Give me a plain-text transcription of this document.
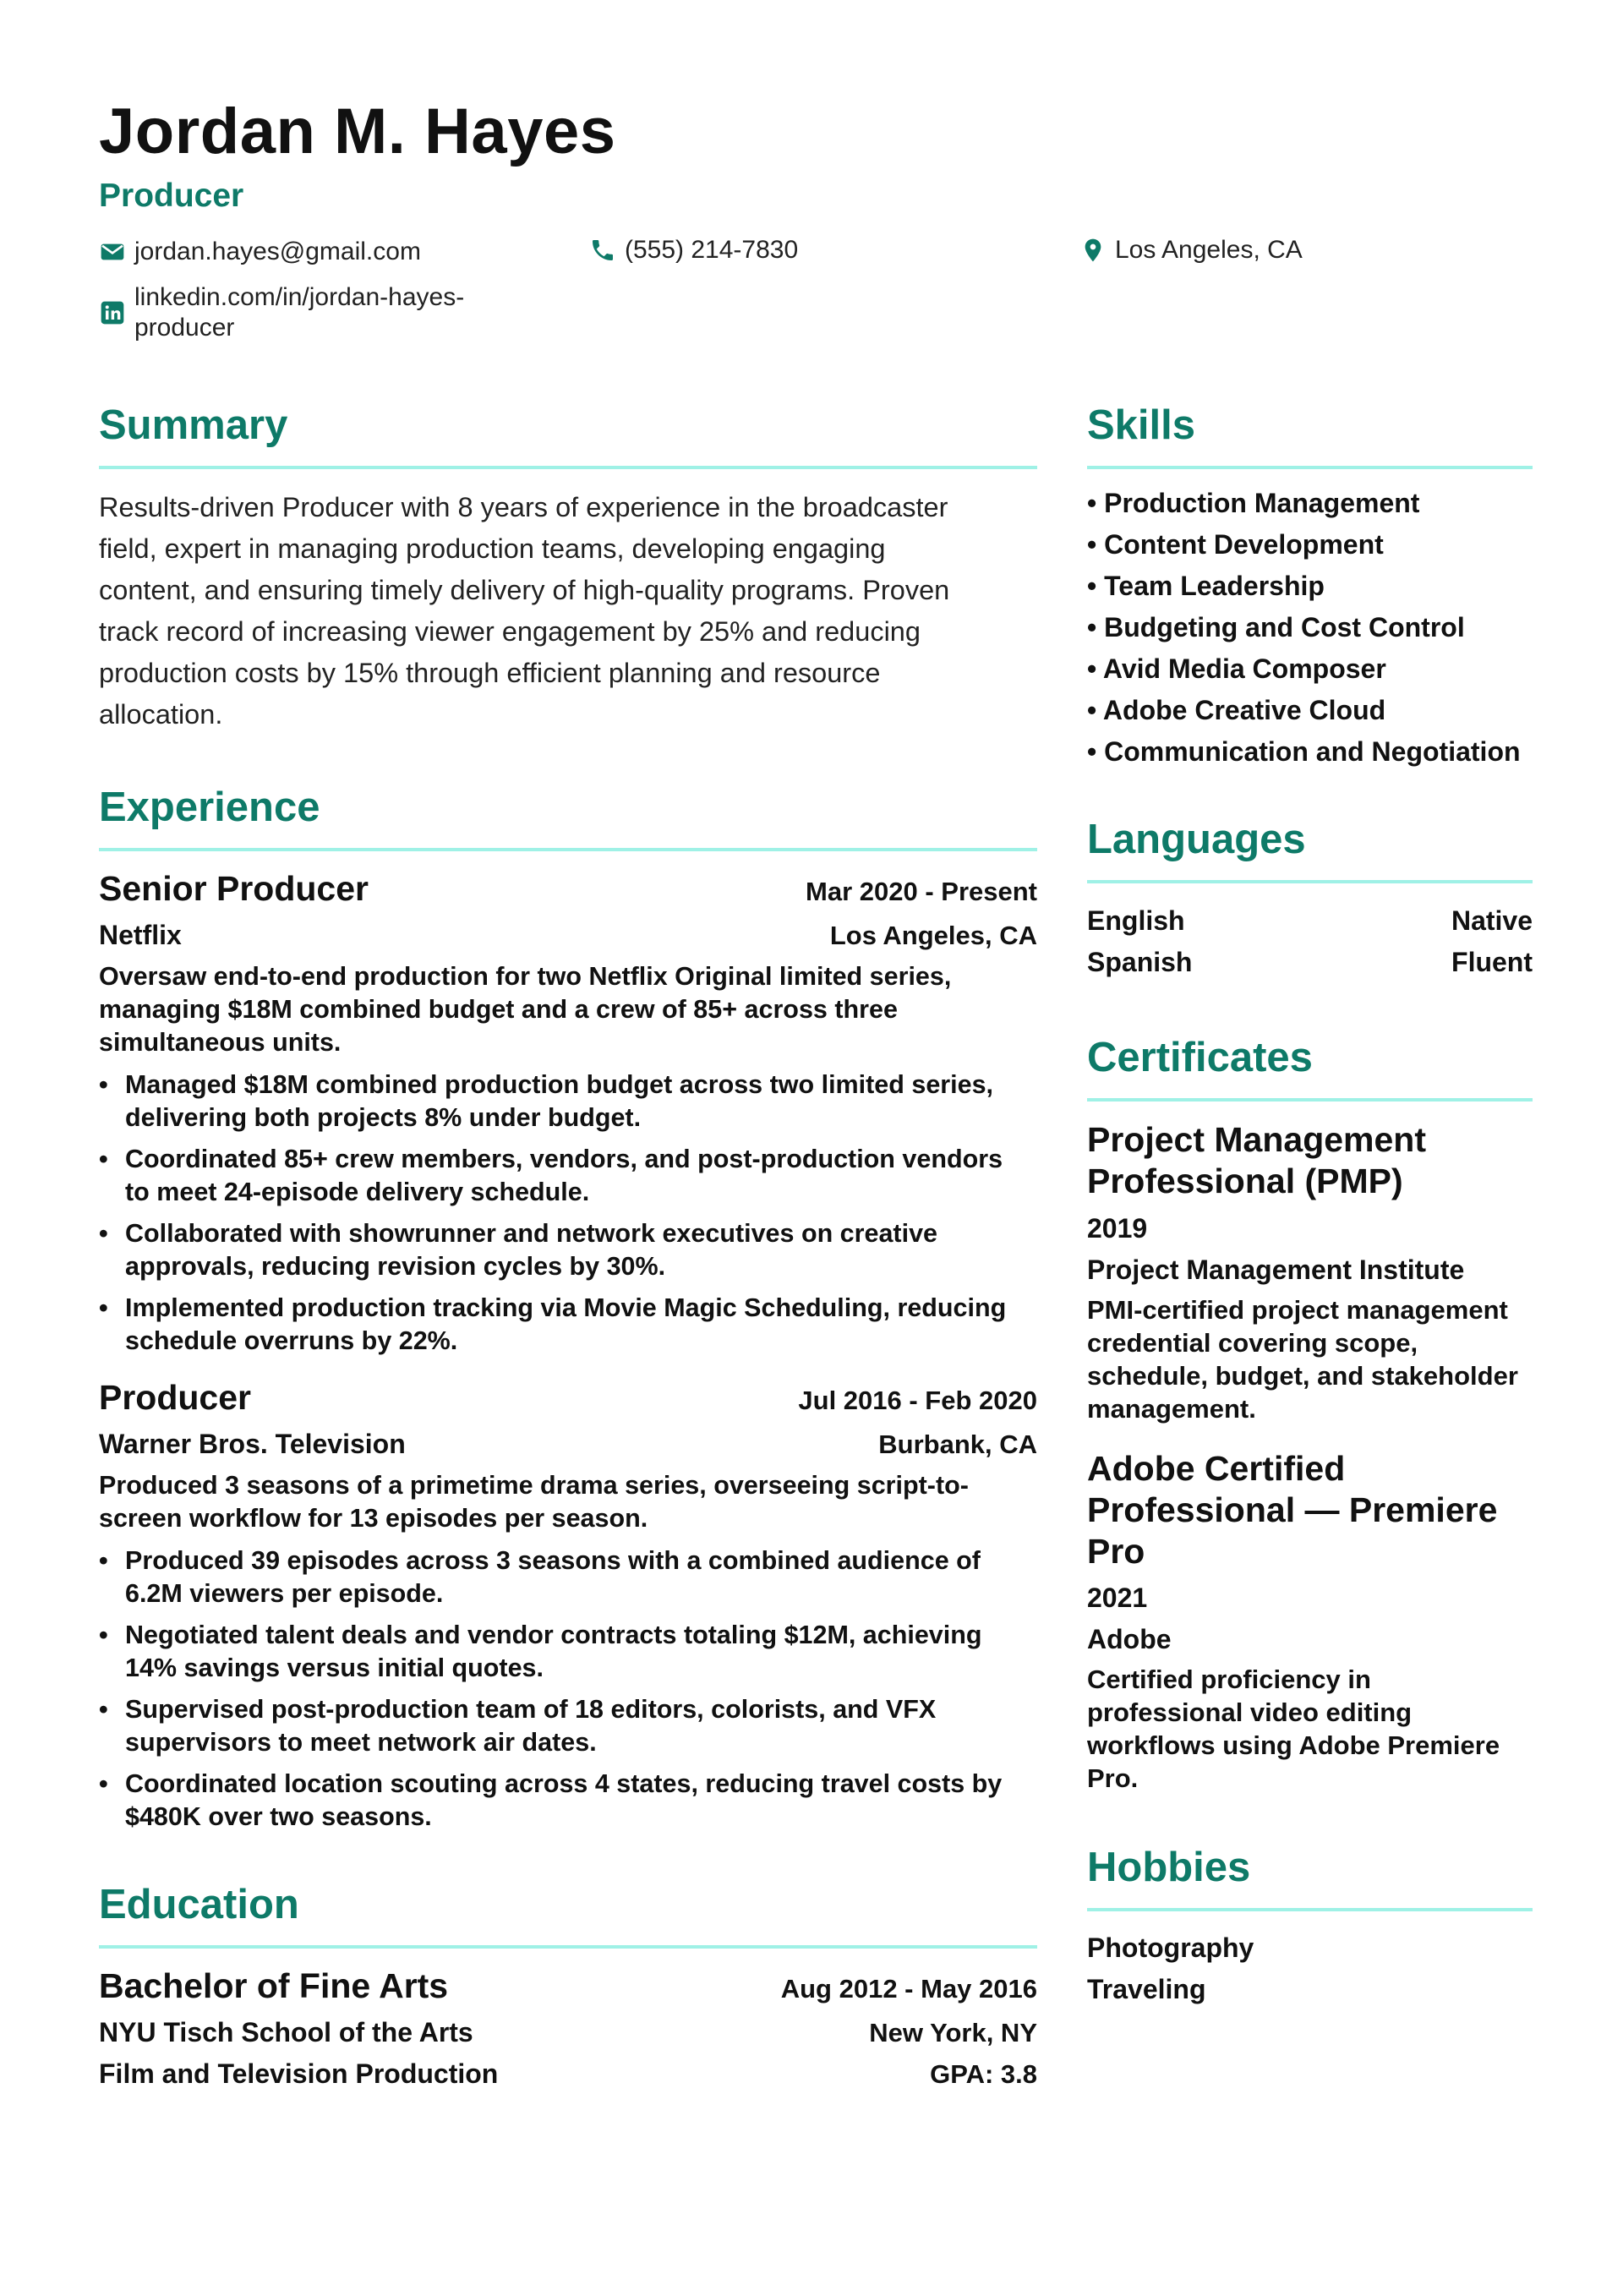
Jordan M. Hayes
Producer
jordan.hayes@gmail.com	(555) 214-7830	Los Angeles, CA
linkedin.com/in/jordan-hayes-
producer
Summary
Results-driven Producer with 8 years of experience in the broadcaster
field, expert in managing production teams, developing engaging
content, and ensuring timely delivery of high-quality programs. Proven
track record of increasing viewer engagement by 25% and reducing
production costs by 15% through efficient planning and resource
allocation.
Experience
Senior Producer	Mar 2020 - Present
Netflix	Los Angeles, CA
Oversaw end-to-end production for two Netflix Original limited series,
managing $18M combined budget and a crew of 85+ across three
simultaneous units.
• Managed $18M combined production budget across two limited series,
delivering both projects 8% under budget.
• Coordinated 85+ crew members, vendors, and post-production vendors
to meet 24-episode delivery schedule.
• Collaborated with showrunner and network executives on creative
approvals, reducing revision cycles by 30%.
• Implemented production tracking via Movie Magic Scheduling, reducing
schedule overruns by 22%.
Producer	Jul 2016 - Feb 2020
Warner Bros. Television	Burbank, CA
Produced 3 seasons of a primetime drama series, overseeing script-to-
screen workflow for 13 episodes per season.
• Produced 39 episodes across 3 seasons with a combined audience of
6.2M viewers per episode.
• Negotiated talent deals and vendor contracts totaling $12M, achieving
14% savings versus initial quotes.
• Supervised post-production team of 18 editors, colorists, and VFX
supervisors to meet network air dates.
• Coordinated location scouting across 4 states, reducing travel costs by
$480K over two seasons.
Education
Bachelor of Fine Arts	Aug 2012 - May 2016
NYU Tisch School of the Arts	New York, NY
Film and Television Production	GPA: 3.8
Skills
• Production Management
• Content Development
• Team Leadership
• Budgeting and Cost Control
• Avid Media Composer
• Adobe Creative Cloud
• Communication and Negotiation
Languages
English	Native
Spanish	Fluent
Certificates
Project Management
Professional (PMP)
2019
Project Management Institute
PMI-certified project management
credential covering scope,
schedule, budget, and stakeholder
management.
Adobe Certified
Professional — Premiere
Pro
2021
Adobe
Certified proficiency in
professional video editing
workflows using Adobe Premiere
Pro.
Hobbies
Photography
Traveling
